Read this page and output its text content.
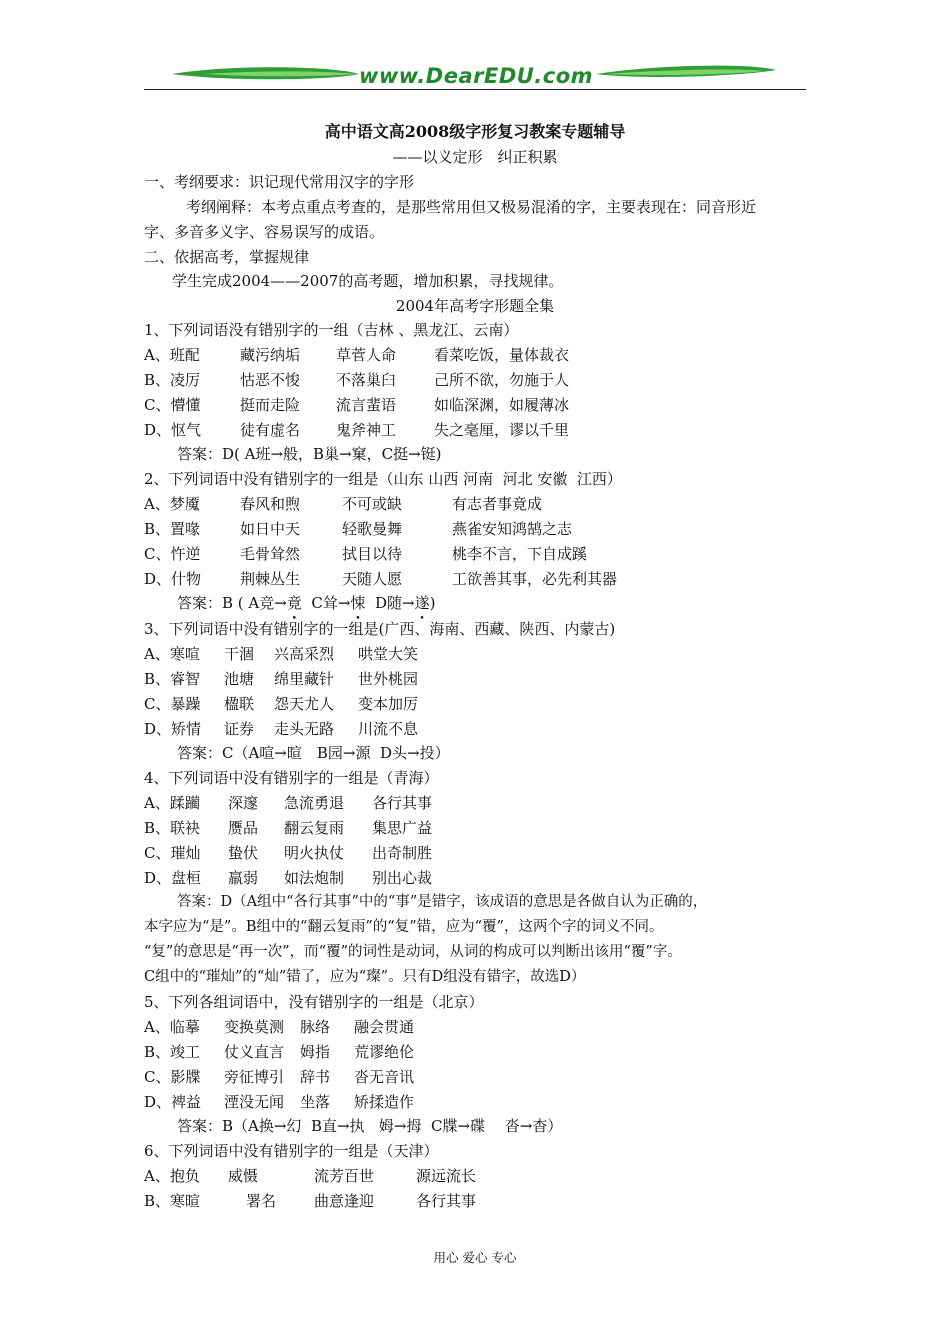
www.DearEDU.com
高中语文高2008级字形复习教案专题辅导
——以义定形　纠正积累
一、考纲要求：识记现代常用汉字的字形
考纲阐释：本考点重点考查的，是那些常用但又极易混淆的字，主要表现在：同音形近
字、多音多义字、容易误写的成语。
二、依据高考，掌握规律
学生完成2004——2007的高考题，增加积累，寻找规律。
2004年高考字形题全集
1、下列词语没有错别字的一组（吉林 、黑龙江、云南）
A、班配	藏污纳垢 草菅人命	看菜吃饭，量体裁衣
B、凌厉	怙恶不悛 不落巢臼	己所不欲，勿施于人
C、懵懂	挺而走险 流言蜚语	如临深渊，如履薄冰
D、怄气	徒有虚名 鬼斧神工	失之毫厘，谬以千里
答案：D( A班→般，B巢→窠，C挺→铤)
2、下列词语中没有错别字的一组是（山东 山西 河南  河北 安徽  江西）
A、梦魇	春风和煦	不可或缺	有志者事竟成
B、置喙	如日中天	轻歌曼舞	燕雀安知鸿鹄之志
C、忤逆	毛骨耸然	拭目以待	桃李不言，下自成蹊
D、什物	荆棘丛生	天随人愿	工欲善其事，必先利其器
答案：B ( A竞→竟  C耸→悚  D随→遂)
3、下列词语中没有错别字的一组是(广西、海南、西藏、陕西、内蒙古)
A、寒喧 干涸 兴高采烈 哄堂大笑
B、睿智 池塘 绵里藏针 世外桃园
C、暴躁 楹联 怨天尤人 变本加厉
D、矫情 证券 走头无路 川流不息
答案：C（A喧→暄　B园→源  D头→投）
4、下列词语中没有错别字的一组是（青海）
A、蹂躏 深邃 急流勇退 各行其事
B、联袂 赝品 翻云复雨 集思广益
C、璀灿 蛰伏 明火执仗 出奇制胜
D、盘桓 羸弱 如法炮制 别出心裁
答案：D（A组中“各行其事”中的“事”是错字，该成语的意思是各做自认为正确的，
本字应为“是”。B组中的“翻云复雨”的“复”错，应为“覆”，这两个字的词义不同。
“复”的意思是“再一次”，而“覆”的词性是动词，从词的构成可以判断出该用“覆”字。
C组中的“璀灿”的“灿”错了，应为“璨”。只有D组没有错字，故选D）
5、下列各组词语中，没有错别字的一组是（北京）
A、临摹 变换莫测 脉络 融会贯通
B、竣工 仗义直言 姆指 荒谬绝伦
C、影牒 旁征博引 辞书 沓无音讯
D、裨益 湮没无闻 坐落 矫揉造作
答案：B（A换→幻  B直→执   姆→拇  C牒→碟　 沓→杳）
6、下列词语中没有错别字的一组是（天津）
A、抱负 威慑	流芳百世	源远流长
B、寒暄	署名	曲意逢迎	各行其事
用心 爱心 专心
